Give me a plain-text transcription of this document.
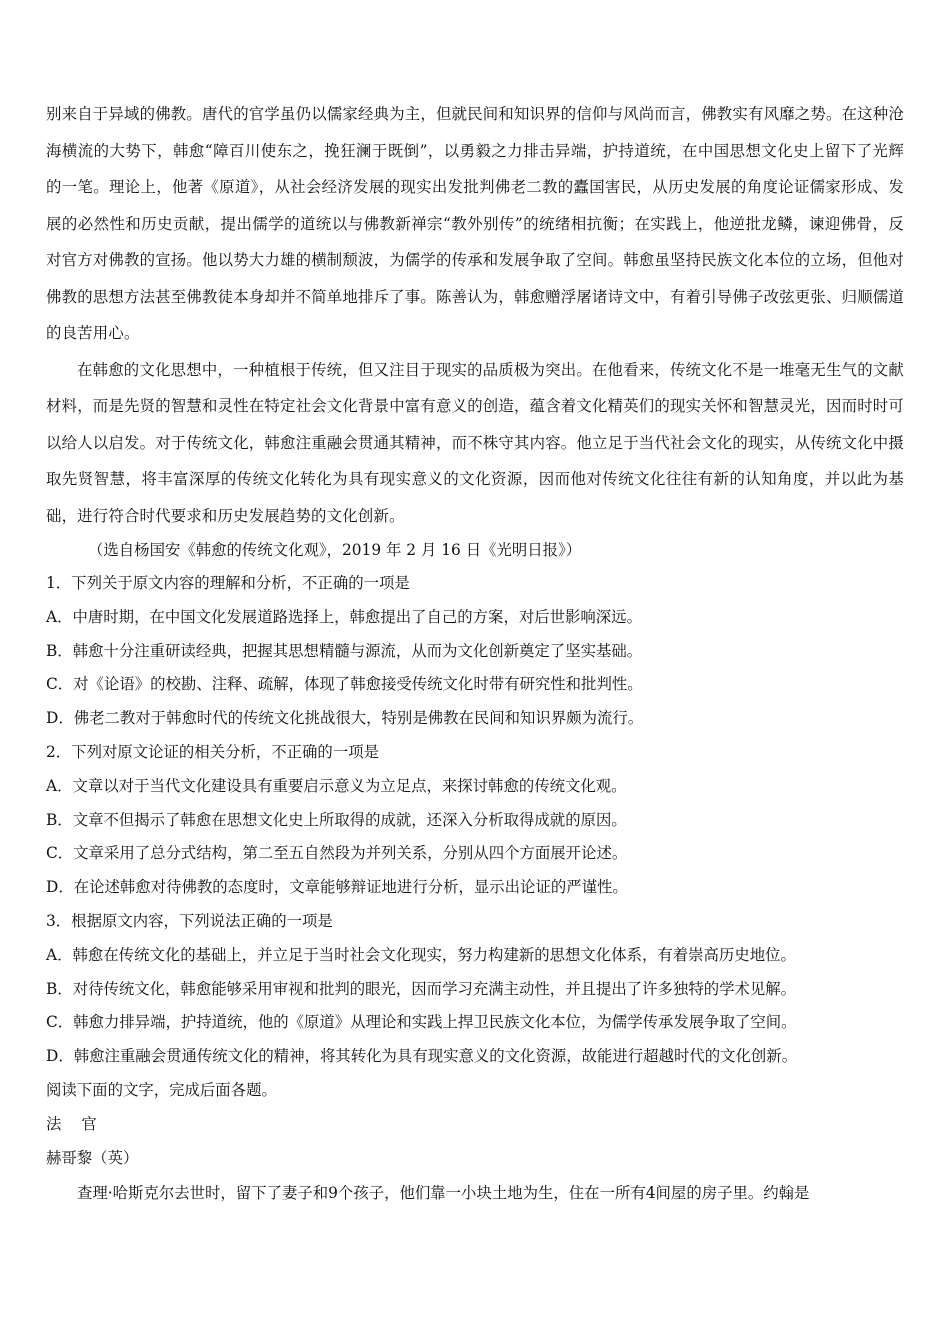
别来自于异域的佛教。唐代的官学虽仍以儒家经典为主，但就民间和知识界的信仰与风尚而言，佛教实有风靡之势。在这种沧海横流的大势下，韩愈“障百川使东之，挽狂澜于既倒”，以勇毅之力排击异端，护持道统，在中国思想文化史上留下了光辉的一笔。理论上，他著《原道》，从社会经济发展的现实出发批判佛老二教的蠹国害民，从历史发展的角度论证儒家形成、发展的必然性和历史贡献，提出儒学的道统以与佛教新禅宗“教外别传”的统绪相抗衡；在实践上，他逆批龙鳞，谏迎佛骨，反对官方对佛教的宣扬。他以势大力雄的横制颓波，为儒学的传承和发展争取了空间。韩愈虽坚持民族文化本位的立场，但他对佛教的思想方法甚至佛教徒本身却并不简单地排斥了事。陈善认为，韩愈赠浮屠诸诗文中，有着引导佛子改弦更张、归顺儒道的良苦用心。

在韩愈的文化思想中，一种植根于传统，但又注目于现实的品质极为突出。在他看来，传统文化不是一堆毫无生气的文献材料，而是先贤的智慧和灵性在特定社会文化背景中富有意义的创造，蕴含着文化精英们的现实关怀和智慧灵光，因而时时可以给人以启发。对于传统文化，韩愈注重融会贯通其精神，而不株守其内容。他立足于当代社会文化的现实，从传统文化中摄取先贤智慧，将丰富深厚的传统文化转化为具有现实意义的文化资源，因而他对传统文化往往有新的认知角度，并以此为基础，进行符合时代要求和历史发展趋势的文化创新。

（选自杨国安《韩愈的传统文化观》，2019 年 2 月 16 日《光明日报》）

1．下列关于原文内容的理解和分析，不正确的一项是

A．中唐时期，在中国文化发展道路选择上，韩愈提出了自己的方案，对后世影响深远。

B．韩愈十分注重研读经典，把握其思想精髓与源流，从而为文化创新奠定了坚实基础。

C．对《论语》的校勘、注释、疏解，体现了韩愈接受传统文化时带有研究性和批判性。

D．佛老二教对于韩愈时代的传统文化挑战很大，特别是佛教在民间和知识界颇为流行。

2．下列对原文论证的相关分析，不正确的一项是

A．文章以对于当代文化建设具有重要启示意义为立足点，来探讨韩愈的传统文化观。

B．文章不但揭示了韩愈在思想文化史上所取得的成就，还深入分析取得成就的原因。

C．文章采用了总分式结构，第二至五自然段为并列关系，分别从四个方面展开论述。

D．在论述韩愈对待佛教的态度时，文章能够辩证地进行分析，显示出论证的严谨性。

3．根据原文内容，下列说法正确的一项是

A．韩愈在传统文化的基础上，并立足于当时社会文化现实，努力构建新的思想文化体系，有着崇高历史地位。

B．对待传统文化，韩愈能够采用审视和批判的眼光，因而学习充满主动性，并且提出了许多独特的学术见解。

C．韩愈力排异端，护持道统，他的《原道》从理论和实践上捍卫民族文化本位，为儒学传承发展争取了空间。

D．韩愈注重融会贯通传统文化的精神，将其转化为具有现实意义的文化资源，故能进行超越时代的文化创新。

阅读下面的文字，完成后面各题。

法 官

赫哥黎（英）

查理·哈斯克尔去世时，留下了妻子和9个孩子，他们靠一小块土地为生，住在一所有4间屋的房子里。约翰是
